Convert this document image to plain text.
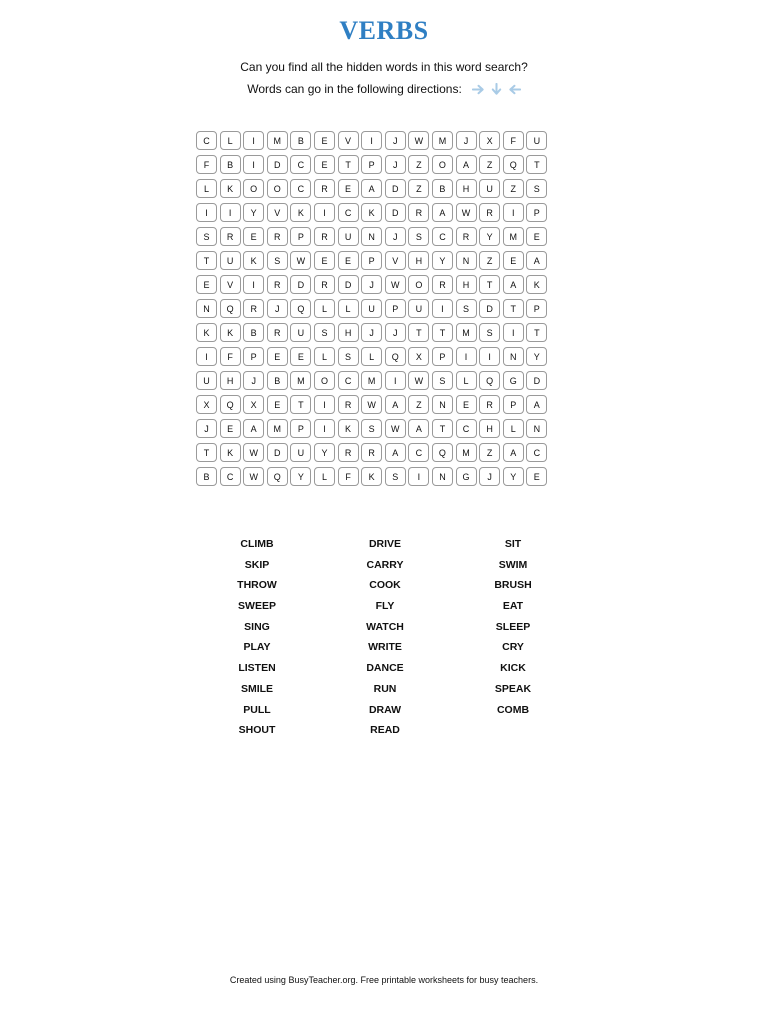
VERBS
Can you find all the hidden words in this word search?
Words can go in the following directions:
C	L	I	M	B	E	V	I	J	W	M	J	X	F	U
F	B	I	D	C	E	T	P	J	Z	O	A	Z	Q	T
L	K	O	O	C	R	E	A	D	Z	B	H	U	Z	S
I	I	Y	V	K	I	C	K	D	R	A	W	R	I	P
S	R	E	R	P	R	U	N	J	S	C	R	Y	M	E
T	U	K	S	W	E	E	P	V	H	Y	N	Z	E	A
E	V	I	R	D	R	D	J	W	O	R	H	T	A	K
N	Q	R	J	Q	L	L	U	P	U	I	S	D	T	P
K	K	B	R	U	S	H	J	J	T	T	M	S	I	T
I	F	P	E	E	L	S	L	Q	X	P	I	I	N	Y
U	H	J	B	M	O	C	M	I	W	S	L	Q	G	D
X	Q	X	E	T	I	R	W	A	Z	N	E	R	P	A
J	E	A	M	P	I	K	S	W	A	T	C	H	L	N
T	K	W	D	U	Y	R	R	A	C	Q	M	Z	A	C
B	C	W	Q	Y	L	F	K	S	I	N	G	J	Y	E
CLIMB
SKIP
THROW
SWEEP
SING
PLAY
LISTEN
SMILE
PULL
SHOUT
DRIVE
CARRY
COOK
FLY
WATCH
WRITE
DANCE
RUN
DRAW
READ
SIT
SWIM
BRUSH
EAT
SLEEP
CRY
KICK
SPEAK
COMB
Created using BusyTeacher.org. Free printable worksheets for busy teachers.
